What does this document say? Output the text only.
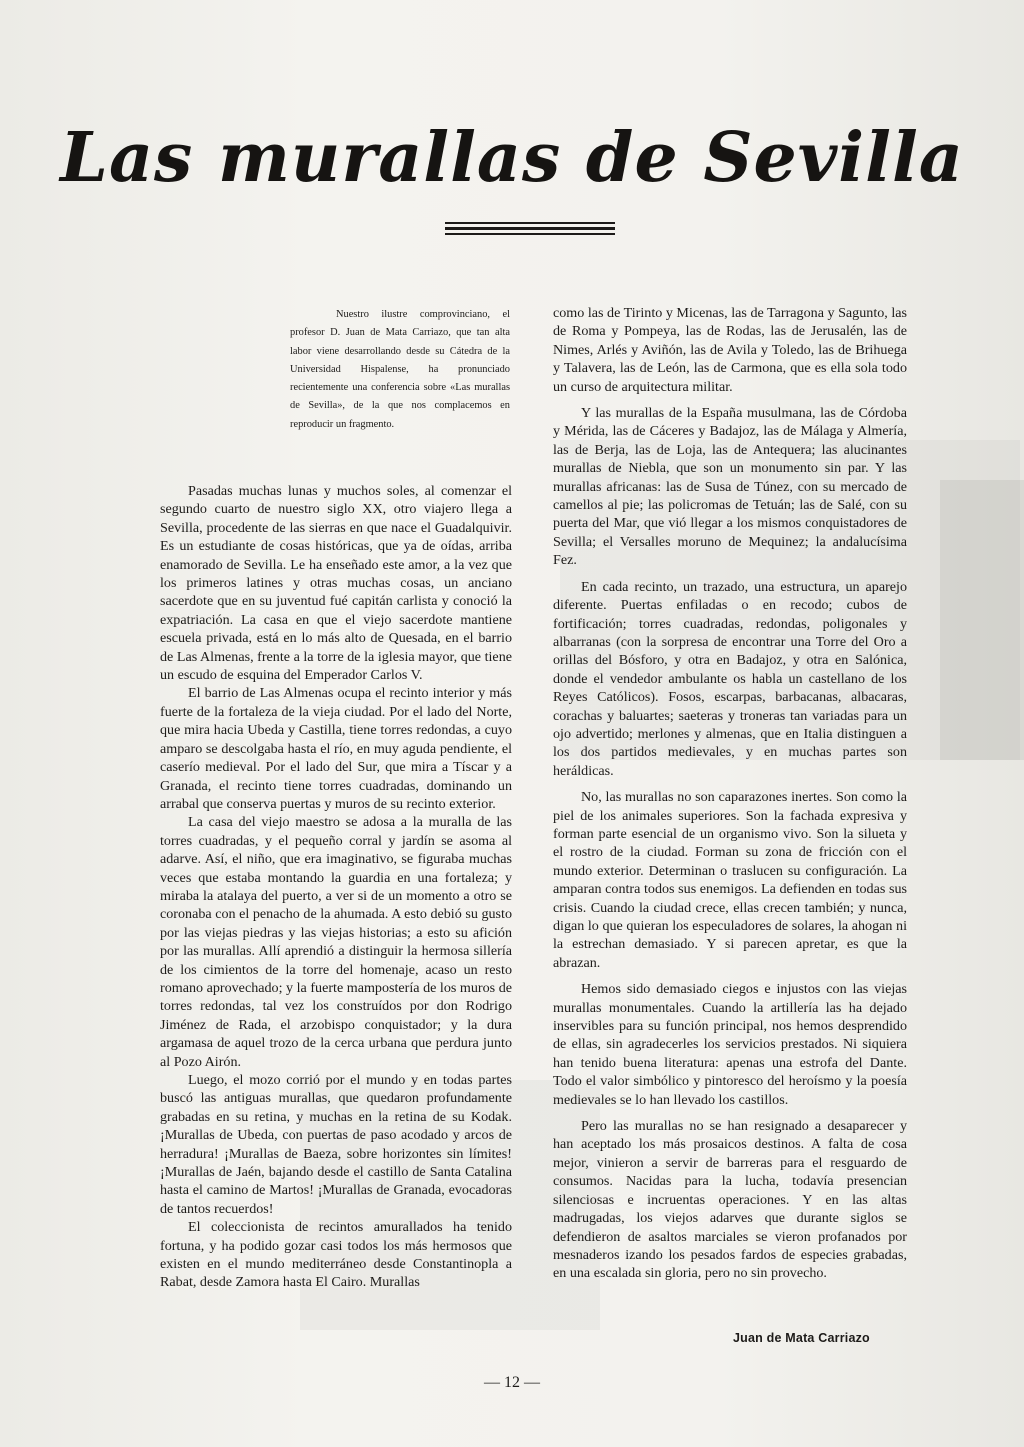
Las murallas de Sevilla

Nuestro ilustre comprovinciano, el profesor D. Juan de Mata Carriazo, que tan alta labor viene desarrollando desde su Cátedra de la Universidad Hispalense, ha pronunciado recientemente una conferencia sobre «Las murallas de Sevilla», de la que nos complacemos en reproducir un fragmento.

Pasadas muchas lunas y muchos soles, al comenzar el segundo cuarto de nuestro siglo XX, otro viajero llega a Sevilla, procedente de las sierras en que nace el Guadalquivir. Es un estudiante de cosas históricas, que ya de oídas, arriba enamorado de Sevilla. Le ha enseñado este amor, a la vez que los primeros latines y otras muchas cosas, un anciano sacerdote que en su juventud fué capitán carlista y conoció la expatriación. La casa en que el viejo sacerdote mantiene escuela privada, está en lo más alto de Quesada, en el barrio de Las Almenas, frente a la torre de la iglesia mayor, que tiene un escudo de esquina del Emperador Carlos V.

El barrio de Las Almenas ocupa el recinto interior y más fuerte de la fortaleza de la vieja ciudad. Por el lado del Norte, que mira hacia Ubeda y Castilla, tiene torres redondas, a cuyo amparo se descolgaba hasta el río, en muy aguda pendiente, el caserío medieval. Por el lado del Sur, que mira a Tíscar y a Granada, el recinto tiene torres cuadradas, dominando un arrabal que conserva puertas y muros de su recinto exterior.

La casa del viejo maestro se adosa a la muralla de las torres cuadradas, y el pequeño corral y jardín se asoma al adarve. Así, el niño, que era imaginativo, se figuraba muchas veces que estaba montando la guardia en una fortaleza; y miraba la atalaya del puerto, a ver si de un momento a otro se coronaba con el penacho de la ahumada. A esto debió su gusto por las viejas piedras y las viejas historias; a esto su afición por las murallas. Allí aprendió a distinguir la hermosa sillería de los cimientos de la torre del homenaje, acaso un resto romano aprovechado; y la fuerte mampostería de los muros de torres redondas, tal vez los construídos por don Rodrigo Jiménez de Rada, el arzobispo conquistador; y la dura argamasa de aquel trozo de la cerca urbana que perdura junto al Pozo Airón.

Luego, el mozo corrió por el mundo y en todas partes buscó las antiguas murallas, que quedaron profundamente grabadas en su retina, y muchas en la retina de su Kodak. ¡Murallas de Ubeda, con puertas de paso acodado y arcos de herradura! ¡Murallas de Baeza, sobre horizontes sin límites! ¡Murallas de Jaén, bajando desde el castillo de Santa Catalina hasta el camino de Martos! ¡Murallas de Granada, evocadoras de tantos recuerdos!

El coleccionista de recintos amurallados ha tenido fortuna, y ha podido gozar casi todos los más hermosos que existen en el mundo mediterráneo desde Constantinopla a Rabat, desde Zamora hasta El Cairo. Murallas

como las de Tirinto y Micenas, las de Tarragona y Sagunto, las de Roma y Pompeya, las de Rodas, las de Jerusalén, las de Nimes, Arlés y Aviñón, las de Avila y Toledo, las de Brihuega y Talavera, las de León, las de Carmona, que es ella sola todo un curso de arquitectura militar.

Y las murallas de la España musulmana, las de Córdoba y Mérida, las de Cáceres y Badajoz, las de Málaga y Almería, las de Berja, las de Loja, las de Antequera; las alucinantes murallas de Niebla, que son un monumento sin par. Y las murallas africanas: las de Susa de Túnez, con su mercado de camellos al pie; las policromas de Tetuán; las de Salé, con su puerta del Mar, que vió llegar a los mismos conquistadores de Sevilla; el Versalles moruno de Mequinez; la andalucísima Fez.

En cada recinto, un trazado, una estructura, un aparejo diferente. Puertas enfiladas o en recodo; cubos de fortificación; torres cuadradas, redondas, poligonales y albarranas (con la sorpresa de encontrar una Torre del Oro a orillas del Bósforo, y otra en Badajoz, y otra en Salónica, donde el vendedor ambulante os habla un castellano de los Reyes Católicos). Fosos, escarpas, barbacanas, albacaras, corachas y baluartes; saeteras y troneras tan variadas para un ojo advertido; merlones y almenas, que en Italia distinguen a los dos partidos medievales, y en muchas partes son heráldicas.

No, las murallas no son caparazones inertes. Son como la piel de los animales superiores. Son la fachada expresiva y forman parte esencial de un organismo vivo. Son la silueta y el rostro de la ciudad. Forman su zona de fricción con el mundo exterior. Determinan o traslucen su configuración. La amparan contra todos sus enemigos. La defienden en todas sus crisis. Cuando la ciudad crece, ellas crecen también; y nunca, digan lo que quieran los especuladores de solares, la ahogan ni la estrechan demasiado. Y si parecen apretar, es que la abrazan.

Hemos sido demasiado ciegos e injustos con las viejas murallas monumentales. Cuando la artillería las ha dejado inservibles para su función principal, nos hemos desprendido de ellas, sin agradecerles los servicios prestados. Ni siquiera han tenido buena literatura: apenas una estrofa del Dante. Todo el valor simbólico y pintoresco del heroísmo y la poesía medievales se lo han llevado los castillos.

Pero las murallas no se han resignado a desaparecer y han aceptado los más prosaicos destinos. A falta de cosa mejor, vinieron a servir de barreras para el resguardo de consumos. Nacidas para la lucha, todavía presencian silenciosas e incruentas operaciones. Y en las altas madrugadas, los viejos adarves que durante siglos se defendieron de asaltos marciales se vieron profanados por mesnaderos izando los pesados fardos de especies grabadas, en una escalada sin gloria, pero no sin provecho.

Juan de Mata Carriazo
— 12 —
